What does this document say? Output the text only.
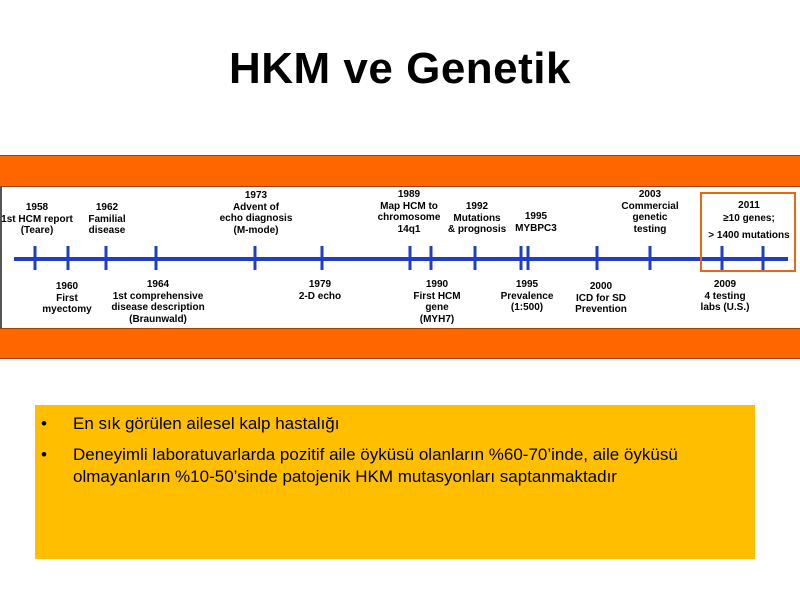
HKM ve Genetik
1958
1st HCM report
(Teare)
1962
Familial
disease
1973
Advent of
echo diagnosis
(M-mode)
1989
Map HCM to
chromosome
14q1
1992
Mutations
& prognosis
1995
MYBPC3
2003
Commercial
genetic
testing
2011
≥10 genes;
> 1400 mutations
1960
First
myectomy
1964
1st comprehensive
disease description
(Braunwald)
1979
2-D echo
1990
First HCM
gene
(MYH7)
1995
Prevalence
(1:500)
2000
ICD for SD
Prevention
2009
4 testing
labs (U.S.)
• En sık görülen ailesel kalp hastalığı
• Deneyimli laboratuvarlarda pozitif aile öyküsü olanların %60-70’inde, aile öyküsü olmayanların %10-50’sinde patojenik HKM mutasyonları saptanmaktadır
